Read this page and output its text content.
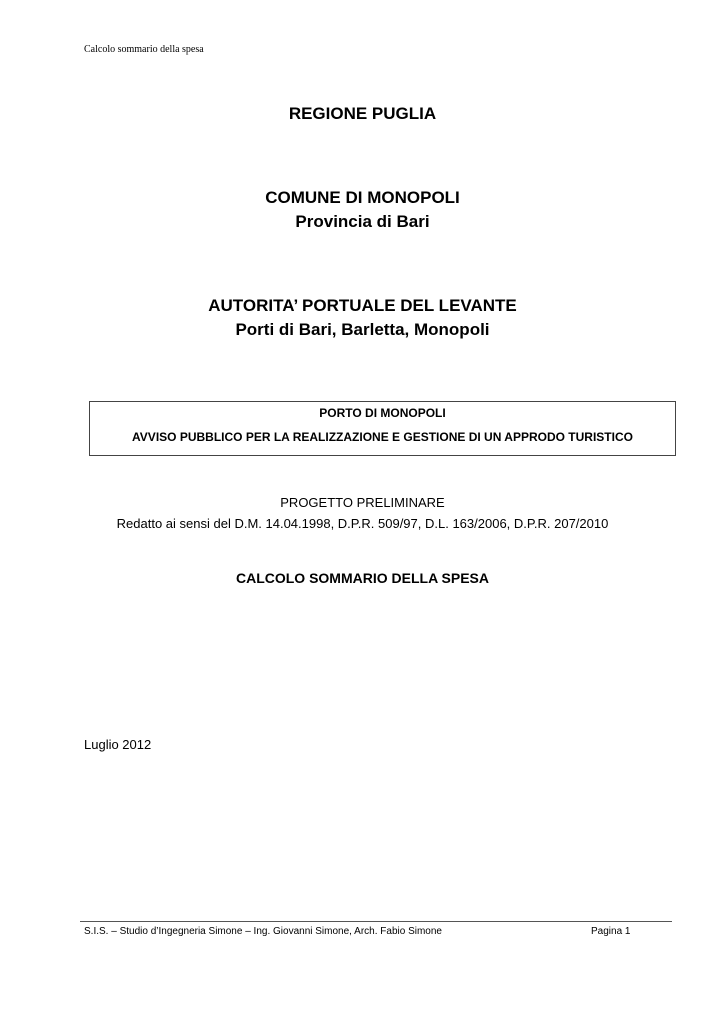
Calcolo sommario della spesa
REGIONE PUGLIA
COMUNE DI MONOPOLI
Provincia di Bari
AUTORITA’ PORTUALE DEL LEVANTE
Porti di Bari, Barletta, Monopoli
PORTO DI MONOPOLI
AVVISO PUBBLICO PER LA REALIZZAZIONE E GESTIONE DI UN APPRODO TURISTICO
PROGETTO PRELIMINARE
Redatto ai sensi del D.M. 14.04.1998, D.P.R. 509/97, D.L. 163/2006, D.P.R. 207/2010
CALCOLO SOMMARIO DELLA SPESA
Luglio 2012
S.I.S. – Studio d’Ingegneria Simone – Ing. Giovanni Simone, Arch. Fabio Simone	Pagina 1
